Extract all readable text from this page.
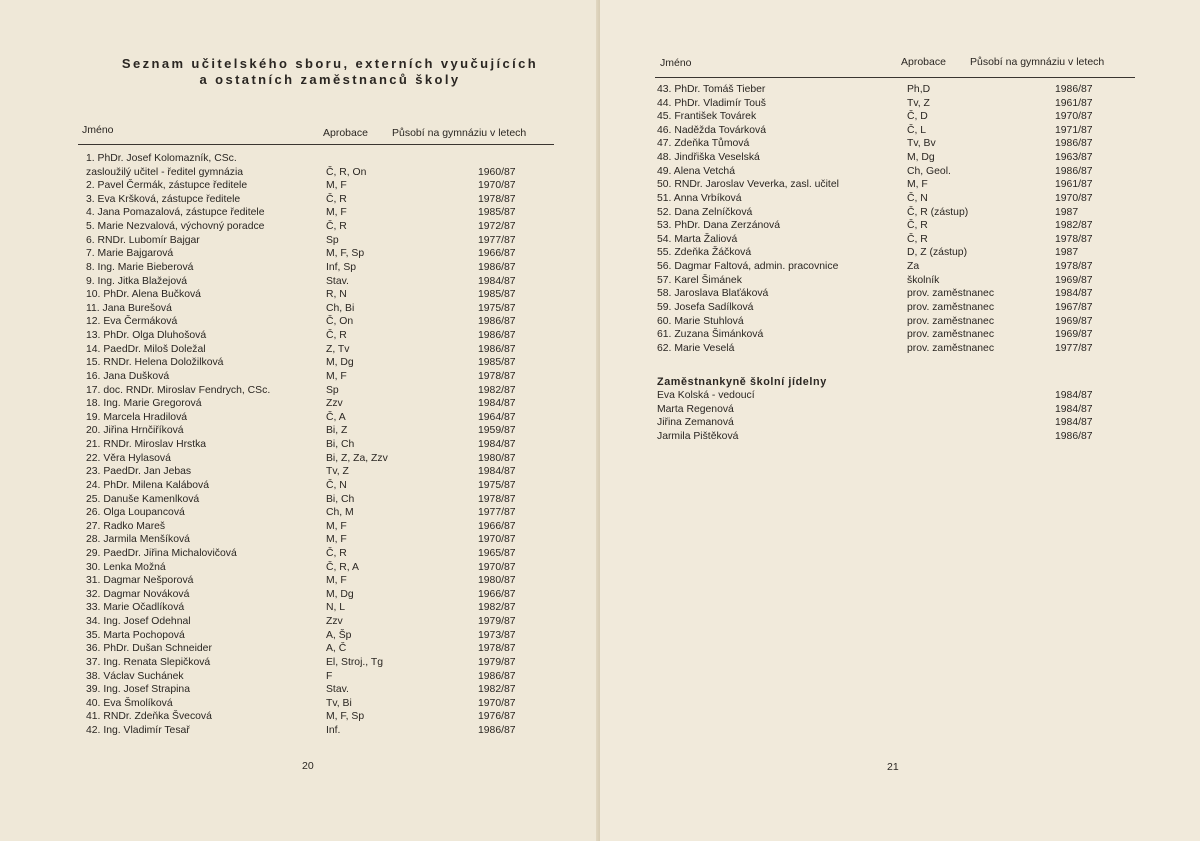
Seznam učitelského sboru, externích vyučujících
a ostatních zaměstnanců školy
Jméno	Aprobace Působí na gymnáziu v letech
1. PhDr. Josef Kolomazník, CSc.
zasloužilý učitel - ředitel gymnázia	Č, R, On	1960/87
2. Pavel Čermák, zástupce ředitele	M, F	1970/87
3. Eva Kršková, zástupce ředitele	Č, R	1978/87
4. Jana Pomazalová, zástupce ředitele	M, F	1985/87
5. Marie Nezvalová, výchovný poradce	Č, R	1972/87
6. RNDr. Lubomír Bajgar	Sp	1977/87
7. Marie Bajgarová	M, F, Sp	1966/87
8. Ing. Marie Bieberová	Inf, Sp	1986/87
9. Ing. Jitka Blažejová	Stav.	1984/87
10. PhDr. Alena Bučková	R, N	1985/87
11. Jana Burešová	Ch, Bi	1975/87
12. Eva Čermáková	Č, On	1986/87
13. PhDr. Olga Dluhošová	Č, R	1986/87
14. PaedDr. Miloš Doležal	Z, Tv	1986/87
15. RNDr. Helena Doložilková	M, Dg	1985/87
16. Jana Dušková	M, F	1978/87
17. doc. RNDr. Miroslav Fendrych, CSc.	Sp	1982/87
18. Ing. Marie Gregorová	Zzv	1984/87
19. Marcela Hradilová	Č, A	1964/87
20. Jiřina Hrnčiříková	Bi, Z	1959/87
21. RNDr. Miroslav Hrstka	Bi, Ch	1984/87
22. Věra Hylasová	Bi, Z, Za, Zzv	1980/87
23. PaedDr. Jan Jebas	Tv, Z	1984/87
24. PhDr. Milena Kalábová	Č, N	1975/87
25. Danuše Kamenlková	Bi, Ch	1978/87
26. Olga Loupancová	Ch, M	1977/87
27. Radko Mareš	M, F	1966/87
28. Jarmila Menšíková	M, F	1970/87
29. PaedDr. Jiřina Michalovičová	Č, R	1965/87
30. Lenka Možná	Č, R, A	1970/87
31. Dagmar Nešporová	M, F	1980/87
32. Dagmar Nováková	M, Dg	1966/87
33. Marie Očadlíková	N, L	1982/87
34. Ing. Josef Odehnal	Zzv	1979/87
35. Marta Pochopová	A, Šp	1973/87
36. PhDr. Dušan Schneider	A, Č	1978/87
37. Ing. Renata Slepičková	El, Stroj., Tg	1979/87
38. Václav Suchánek	F	1986/87
39. Ing. Josef Strapina	Stav.	1982/87
40. Eva Šmolíková	Tv, Bi	1970/87
41. RNDr. Zdeňka Švecová	M, F, Sp	1976/87
42. Ing. Vladimír Tesař	Inf.	1986/87
20
Jméno	Aprobace Působí na gymnáziu v letech
43. PhDr. Tomáš Tieber	Ph,D	1986/87
44. PhDr. Vladimír Touš	Tv, Z	1961/87
45. František Továrek	Č, D	1970/87
46. Naděžda Továrková	Č, L	1971/87
47. Zdeňka Tůmová	Tv, Bv	1986/87
48. Jindřiška Veselská	M, Dg	1963/87
49. Alena Vetchá	Ch, Geol.	1986/87
50. RNDr. Jaroslav Veverka, zasl. učitel	M, F	1961/87
51. Anna Vrbíková	Č, N	1970/87
52. Dana Zelníčková	Č, R (zástup)	1987
53. PhDr. Dana Zerzánová	Č, R	1982/87
54. Marta Žaliová	Č, R	1978/87
55. Zdeňka Žáčková	D, Z (zástup)	1987
56. Dagmar Faltová, admin. pracovnice	Za	1978/87
57. Karel Šimánek	školník	1969/87
58. Jaroslava Blaťáková	prov. zaměstnanec	1984/87
59. Josefa Sadílková	prov. zaměstnanec	1967/87
60. Marie Stuhlová	prov. zaměstnanec	1969/87
61. Zuzana Šimánková	prov. zaměstnanec	1969/87
62. Marie Veselá	prov. zaměstnanec	1977/87
Zaměstnankyně školní jídelny
Eva Kolská - vedoucí	1984/87
Marta Regenová	1984/87
Jiřina Zemanová	1984/87
Jarmila Pištěková	1986/87
21
